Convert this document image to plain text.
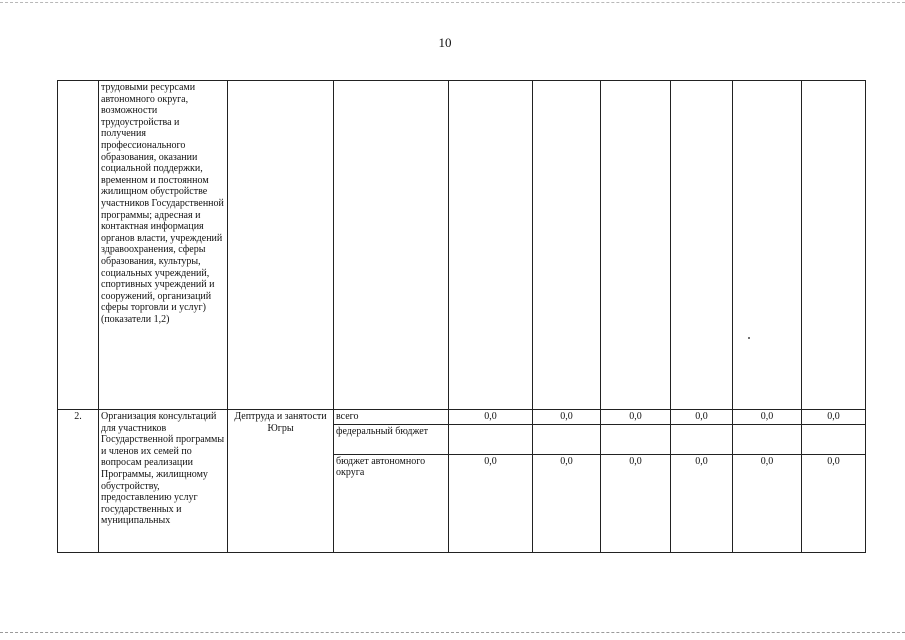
10
	трудовыми ресурсами автономного округа, возможности трудоустройства и получения профессионального образования, оказании социальной поддержки, временном и постоянном жилищном обустройстве участников Государственной программы; адресная и контактная информация органов власти, учреждений здравоохранения, сферы образования, культуры, социальных учреждений, спортивных учреждений и сооружений, организаций сферы торговли и услуг) (показатели 1,2)								
2.	Организация консультаций для участников Государственной программы и членов их семей по вопросам реализации Программы, жилищному обустройству, предоставлению услуг государственных и муниципальных	Дептруда и занятости Югры	всего	0,0	0,0	0,0	0,0	0,0	0,0
			федеральный бюджет						
			бюджет автономного округа	0,0	0,0	0,0	0,0	0,0	0,0
